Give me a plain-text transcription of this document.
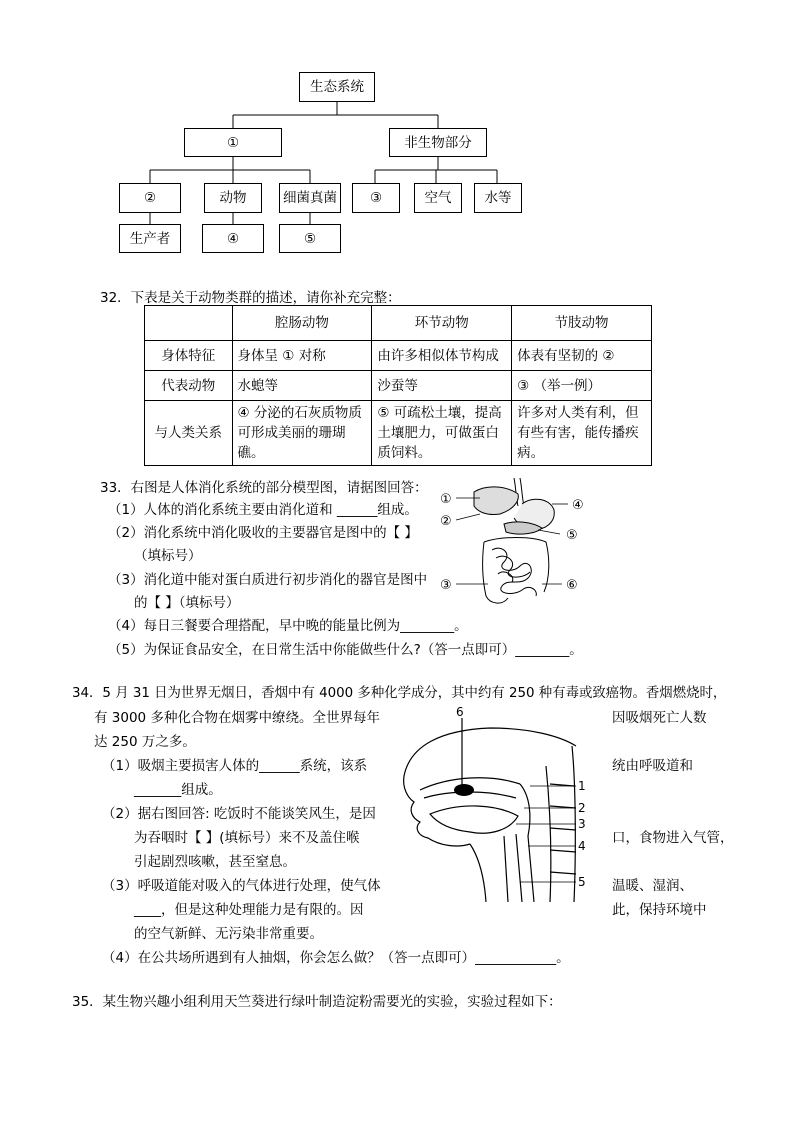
生态系统
①	非生物部分
②	动物	细菌真菌	③	空气	水等
生产者	④	⑤
32．下表是关于动物类群的描述，请你补充完整：
	腔肠动物	环节动物	节肢动物
身体特征	身体呈 ① 对称	由许多相似体节构成	体表有坚韧的 ②
代表动物	水螅等	沙蚕等	③ （举一例）
与人类关系	④ 分泌的石灰质物质可形成美丽的珊瑚礁。	⑤ 可疏松土壤，提高土壤肥力，可做蛋白质饲料。	许多对人类有利，但有些有害，能传播疾病。
33．右图是人体消化系统的部分模型图，请据图回答：
（1）人体的消化系统主要由消化道和 ______组成。
（2）消化系统中消化吸收的主要器官是图中的【 】
（填标号）
（3）消化道中能对蛋白质进行初步消化的器官是图中
的【 】（填标号）
（4）每日三餐要合理搭配，早中晚的能量比例为________。
（5）为保证食品安全，在日常生活中你能做些什么?（答一点即可）________。
①
②
③
④
⑤
⑥
34．5 月 31 日为世界无烟日，香烟中有 4000 多种化学成分，其中约有 250 种有毒或致癌物。香烟燃烧时，
有 3000 多种化合物在烟雾中缭绕。全世界每年	因吸烟死亡人数
达 250 万之多。
（1）吸烟主要损害人体的______系统，该系	统由呼吸道和
_______组成。
（2）据右图回答: 吃饭时不能谈笑风生，是因
为吞咽时【 】(填标号）来不及盖住喉	口，食物进入气管，
引起剧烈咳嗽，甚至窒息。
（3）呼吸道能对吸入的气体进行处理，使气体	温暖、湿润、
____，但是这种处理能力是有限的。因	此，保持环境中
的空气新鲜、无污染非常重要。
（4）在公共场所遇到有人抽烟，你会怎么做？（答一点即可）____________。
6
1
2
3
4
5
35．某生物兴趣小组利用天竺葵进行绿叶制造淀粉需要光的实验，实验过程如下：
